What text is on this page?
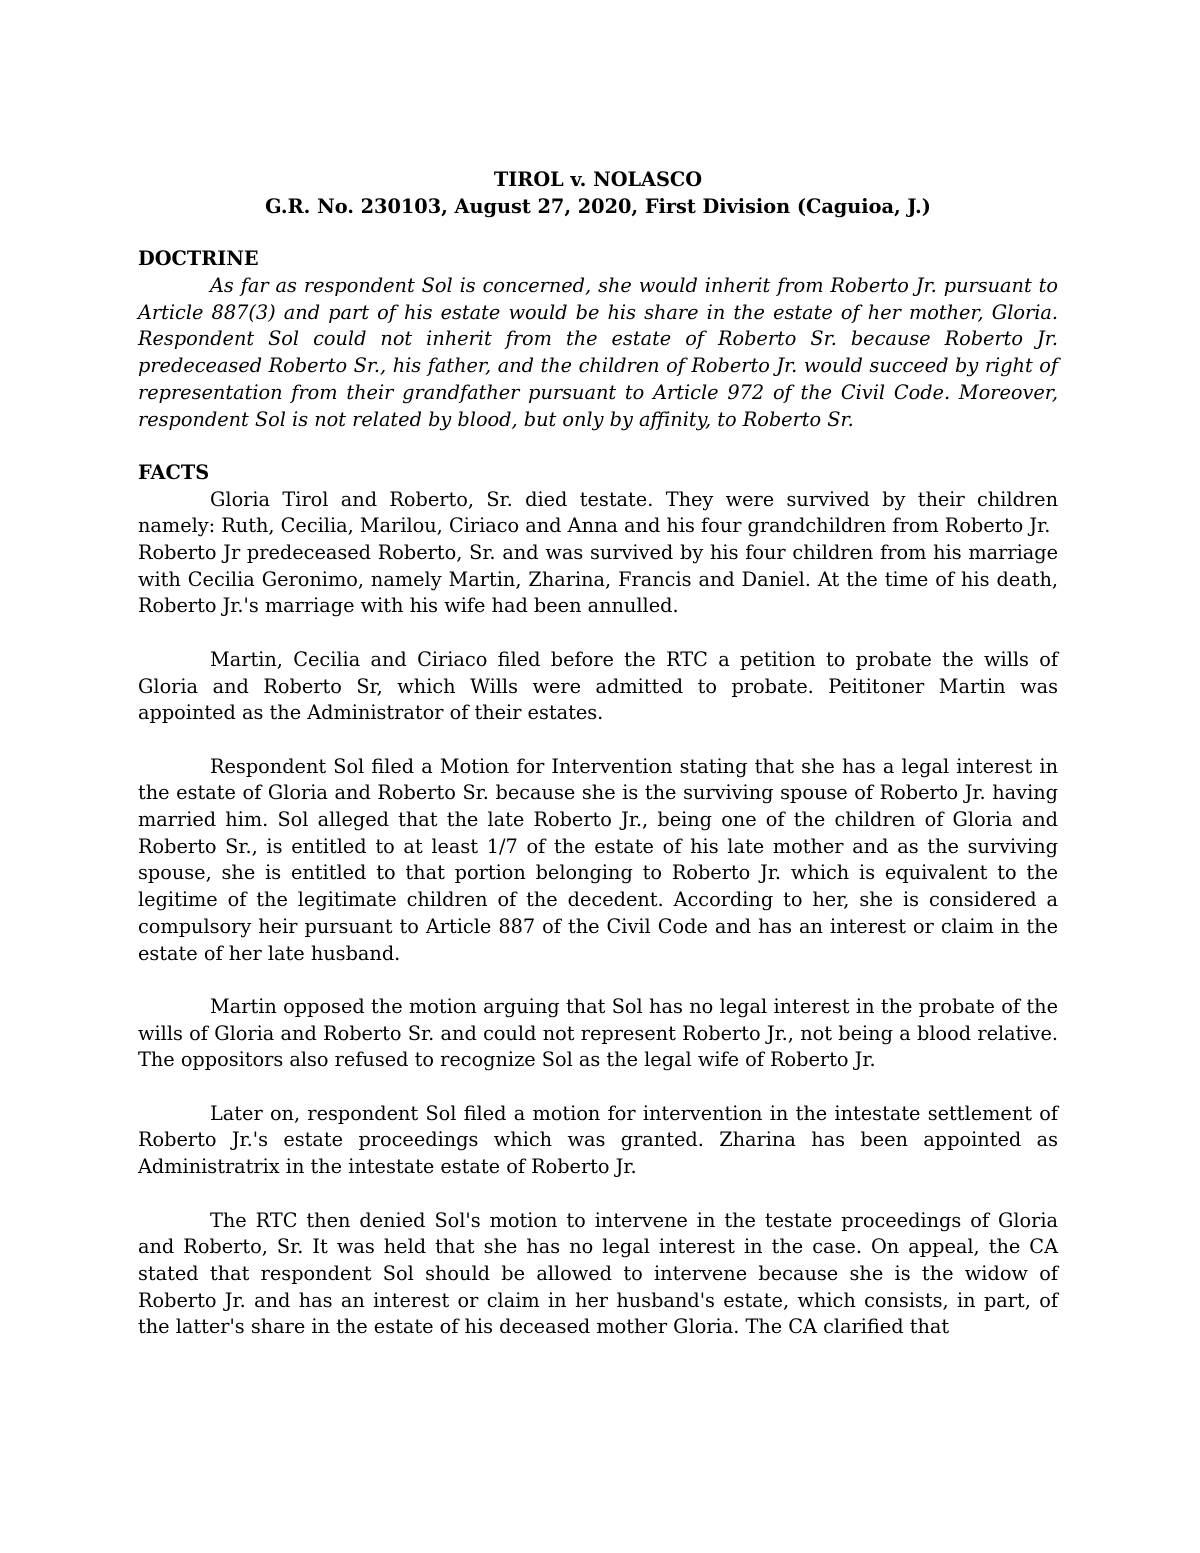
TIROL v. NOLASCO
G.R. No. 230103, August 27, 2020, First Division (Caguioa, J.)
DOCTRINE

As far as respondent Sol is concerned, she would inherit from Roberto Jr. pursuant to Article 887(3) and part of his estate would be his share in the estate of her mother, Gloria. Respondent Sol could not inherit from the estate of Roberto Sr. because Roberto Jr. predeceased Roberto Sr., his father, and the children of Roberto Jr. would succeed by right of representation from their grandfather pursuant to Article 972 of the Civil Code. Moreover, respondent Sol is not related by blood, but only by affinity, to Roberto Sr.

FACTS

Gloria Tirol and Roberto, Sr. died testate. They were survived by their children namely: Ruth, Cecilia, Marilou, Ciriaco and Anna and his four grandchildren from Roberto Jr.

Roberto Jr predeceased Roberto, Sr. and was survived by his four children from his marriage with Cecilia Geronimo, namely Martin, Zharina, Francis and Daniel. At the time of his death, Roberto Jr.'s marriage with his wife had been annulled.

Martin, Cecilia and Ciriaco filed before the RTC a petition to probate the wills of Gloria and Roberto Sr, which Wills were admitted to probate. Peititoner Martin was appointed as the Administrator of their estates.

Respondent Sol filed a Motion for Intervention stating that she has a legal interest in the estate of Gloria and Roberto Sr. because she is the surviving spouse of Roberto Jr. having married him. Sol alleged that the late Roberto Jr., being one of the children of Gloria and Roberto Sr., is entitled to at least 1/7 of the estate of his late mother and as the surviving spouse, she is entitled to that portion belonging to Roberto Jr. which is equivalent to the legitime of the legitimate children of the decedent. According to her, she is considered a compulsory heir pursuant to Article 887 of the Civil Code and has an interest or claim in the estate of her late husband.

Martin opposed the motion arguing that Sol has no legal interest in the probate of the wills of Gloria and Roberto Sr. and could not represent Roberto Jr., not being a blood relative. The oppositors also refused to recognize Sol as the legal wife of Roberto Jr.

Later on, respondent Sol filed a motion for intervention in the intestate settlement of Roberto Jr.'s estate proceedings which was granted. Zharina has been appointed as Administratrix in the intestate estate of Roberto Jr.

The RTC then denied Sol's motion to intervene in the testate proceedings of Gloria and Roberto, Sr. It was held that she has no legal interest in the case. On appeal, the CA stated that respondent Sol should be allowed to intervene because she is the widow of Roberto Jr. and has an interest or claim in her husband's estate, which consists, in part, of the latter's share in the estate of his deceased mother Gloria. The CA clarified that
